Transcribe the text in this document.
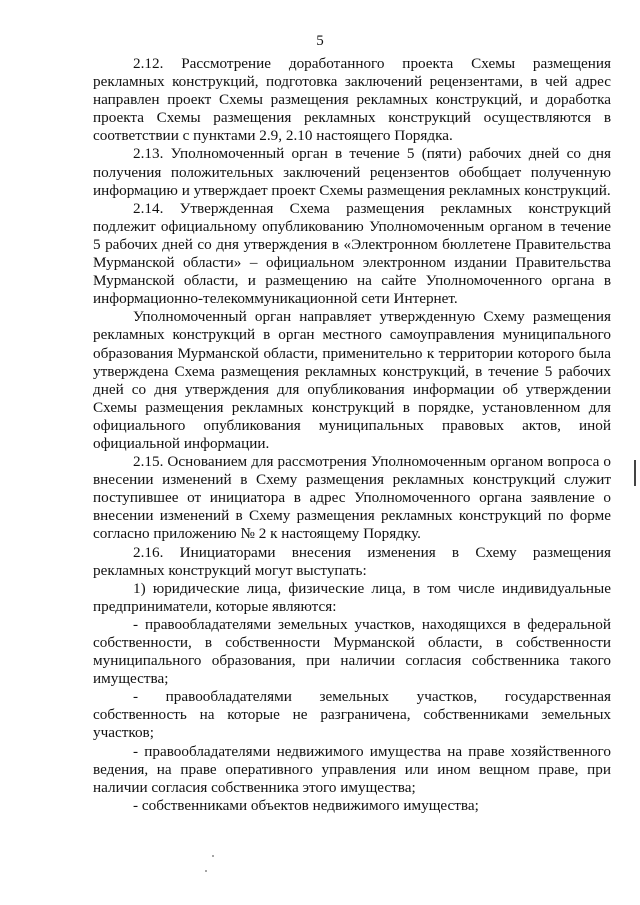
5

2.12. Рассмотрение доработанного проекта Схемы размещения рекламных конструкций, подготовка заключений рецензентами, в чей адрес направлен проект Схемы размещения рекламных конструкций, и доработка проекта Схемы размещения рекламных конструкций осуществляются в соответствии с пунктами 2.9, 2.10 настоящего Порядка.

2.13. Уполномоченный орган в течение 5 (пяти) рабочих дней со дня получения положительных заключений рецензентов обобщает полученную информацию и утверждает проект Схемы размещения рекламных конструкций.

2.14. Утвержденная Схема размещения рекламных конструкций подлежит официальному опубликованию Уполномоченным органом в течение 5 рабочих дней со дня утверждения в «Электронном бюллетене Правительства Мурманской области» – официальном электронном издании Правительства Мурманской области, и размещению на сайте Уполномоченного органа в информационно-телекоммуникационной сети Интернет.

Уполномоченный орган направляет утвержденную Схему размещения рекламных конструкций в орган местного самоуправления муниципального образования Мурманской области, применительно к территории которого была утверждена Схема размещения рекламных конструкций, в течение 5 рабочих дней со дня утверждения для опубликования информации об утверждении Схемы размещения рекламных конструкций в порядке, установленном для официального опубликования муниципальных правовых актов, иной официальной информации.

2.15. Основанием для рассмотрения Уполномоченным органом вопроса о внесении изменений в Схему размещения рекламных конструкций служит поступившее от инициатора в адрес Уполномоченного органа заявление о внесении изменений в Схему размещения рекламных конструкций по форме согласно приложению № 2 к настоящему Порядку.

2.16. Инициаторами внесения изменения в Схему размещения рекламных конструкций могут выступать:

1) юридические лица, физические лица, в том числе индивидуальные предприниматели, которые являются:

- правообладателями земельных участков, находящихся в федеральной собственности, в собственности Мурманской области, в собственности муниципального образования, при наличии согласия собственника такого имущества;

- правообладателями земельных участков, государственная собственность на которые не разграничена, собственниками земельных участков;

- правообладателями недвижимого имущества на праве хозяйственного ведения, на праве оперативного управления или ином вещном праве, при наличии согласия собственника этого имущества;

- собственниками объектов недвижимого имущества;
